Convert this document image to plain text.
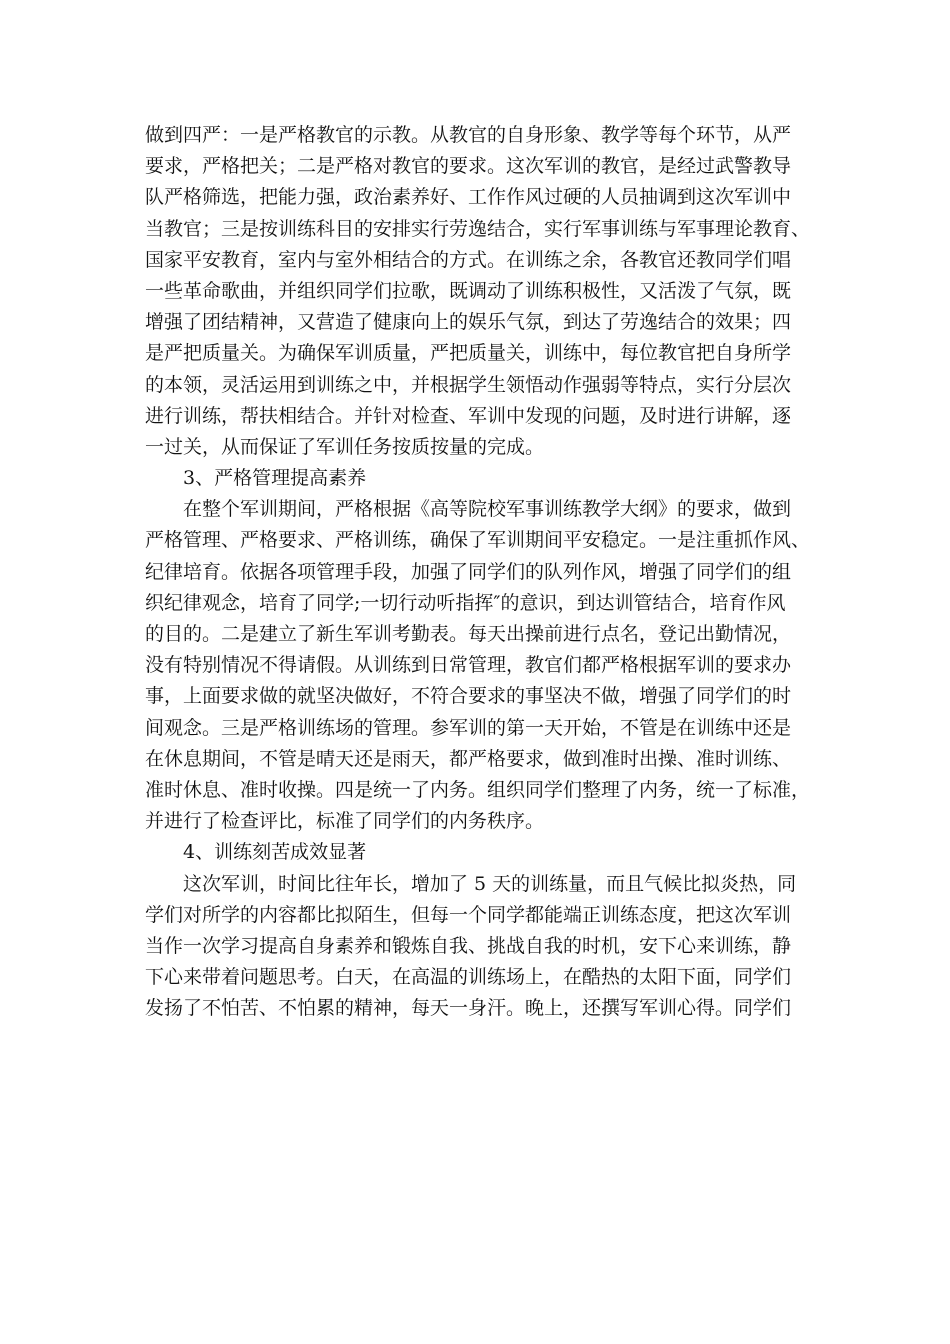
做到四严：一是严格教官的示教。从教官的自身形象、教学等每个环节，从严
要求，严格把关；二是严格对教官的要求。这次军训的教官，是经过武警教导
队严格筛选，把能力强，政治素养好、工作作风过硬的人员抽调到这次军训中
当教官；三是按训练科目的安排实行劳逸结合，实行军事训练与军事理论教育、
国家平安教育，室内与室外相结合的方式。在训练之余，各教官还教同学们唱
一些革命歌曲，并组织同学们拉歌，既调动了训练积极性，又活泼了气氛，既
增强了团结精神，又营造了健康向上的娱乐气氛，到达了劳逸结合的效果；四
是严把质量关。为确保军训质量，严把质量关，训练中，每位教官把自身所学
的本领，灵活运用到训练之中，并根据学生领悟动作强弱等特点，实行分层次
进行训练，帮扶相结合。并针对检查、军训中发现的问题，及时进行讲解，逐
一过关，从而保证了军训任务按质按量的完成。
3、严格管理提高素养
在整个军训期间，严格根据《高等院校军事训练教学大纲》的要求，做到
严格管理、严格要求、严格训练，确保了军训期间平安稳定。一是注重抓作风、
纪律培育。依据各项管理手段，加强了同学们的队列作风，增强了同学们的组
织纪律观念，培育了同学;一切行动听指挥″的意识，到达训管结合，培育作风
的目的。二是建立了新生军训考勤表。每天出操前进行点名，登记出勤情况，
没有特别情况不得请假。从训练到日常管理，教官们都严格根据军训的要求办
事，上面要求做的就坚决做好，不符合要求的事坚决不做，增强了同学们的时
间观念。三是严格训练场的管理。参军训的第一天开始，不管是在训练中还是
在休息期间，不管是晴天还是雨天，都严格要求，做到准时出操、准时训练、
准时休息、准时收操。四是统一了内务。组织同学们整理了内务，统一了标准，
并进行了检查评比，标准了同学们的内务秩序。
4、训练刻苦成效显著
这次军训，时间比往年长，增加了 5 天的训练量，而且气候比拟炎热，同
学们对所学的内容都比拟陌生，但每一个同学都能端正训练态度，把这次军训
当作一次学习提高自身素养和锻炼自我、挑战自我的时机，安下心来训练，静
下心来带着问题思考。白天，在高温的训练场上，在酷热的太阳下面，同学们
发扬了不怕苦、不怕累的精神，每天一身汗。晚上，还撰写军训心得。同学们
